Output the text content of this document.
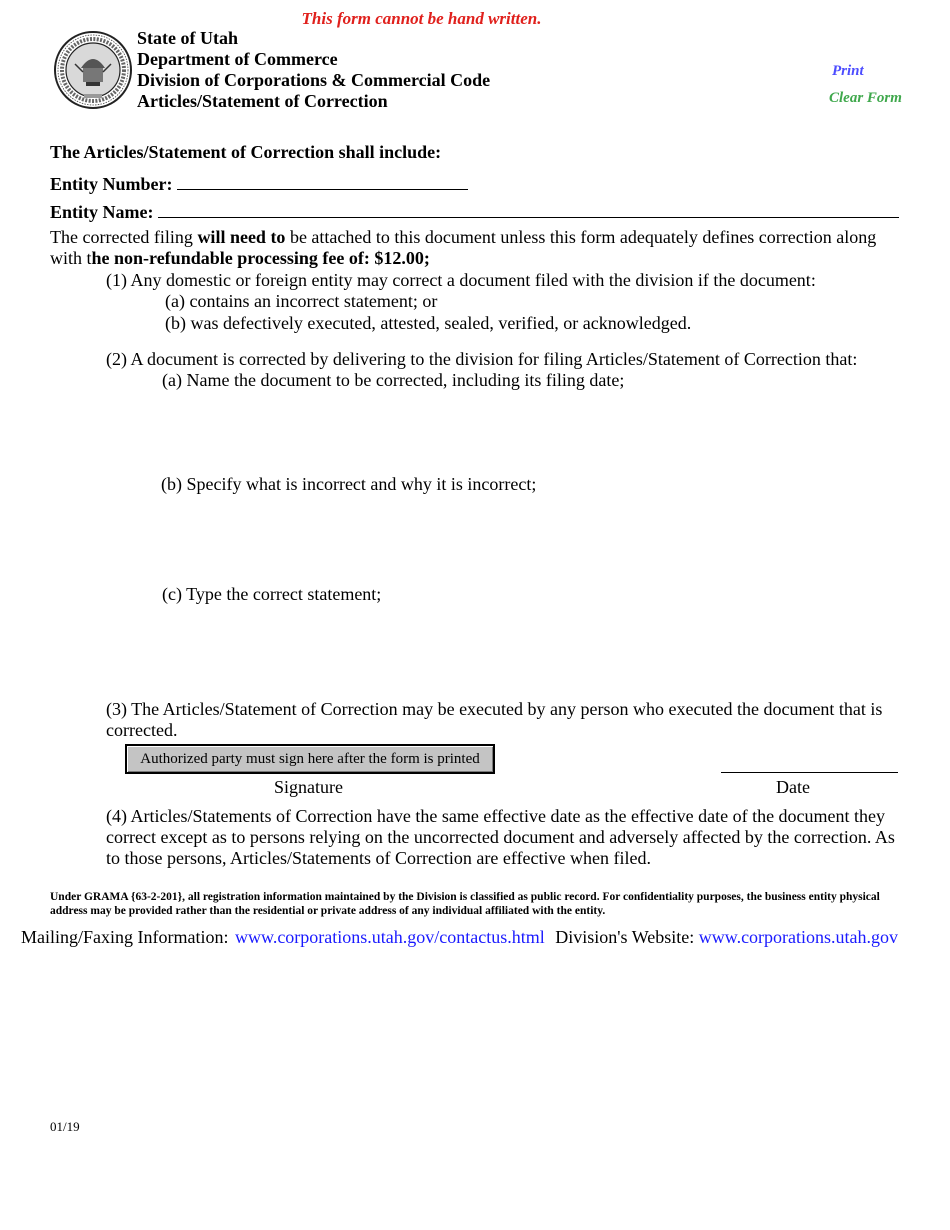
This form cannot be hand written.
State of Utah
Department of Commerce
Division of Corporations & Commercial Code
Articles/Statement of Correction
Print
Clear Form
The Articles/Statement of Correction shall include:
Entity Number:
Entity Name:
The corrected filing will need to be attached to this document unless this form adequately defines correction along with the non-refundable processing fee of: $12.00;
(1) Any domestic or foreign entity may correct a document filed with the division if the document:
(a) contains an incorrect statement; or
(b) was defectively executed, attested, sealed, verified, or acknowledged.
(2) A document is corrected by delivering to the division for filing Articles/Statement of Correction that:
(a) Name the document to be corrected, including its filing date;
(b) Specify what is incorrect and why it is incorrect;
(c) Type the correct statement;
(3) The Articles/Statement of Correction may be executed by any person who executed the document that is corrected.
Authorized party must sign here after the form is printed
Signature	Date
(4) Articles/Statements of Correction have the same effective date as the effective date of the document they correct except as to persons relying on the uncorrected document and adversely affected by the correction. As to those persons, Articles/Statements of Correction are effective when filed.
Under GRAMA {63-2-201}, all registration information maintained by the Division is classified as public record. For confidentiality purposes, the business entity physical address may be provided rather than the residential or private address of any individual affiliated with the entity.
Mailing/Faxing Information: www.corporations.utah.gov/contactus.html Division's Website: www.corporations.utah.gov
01/19
